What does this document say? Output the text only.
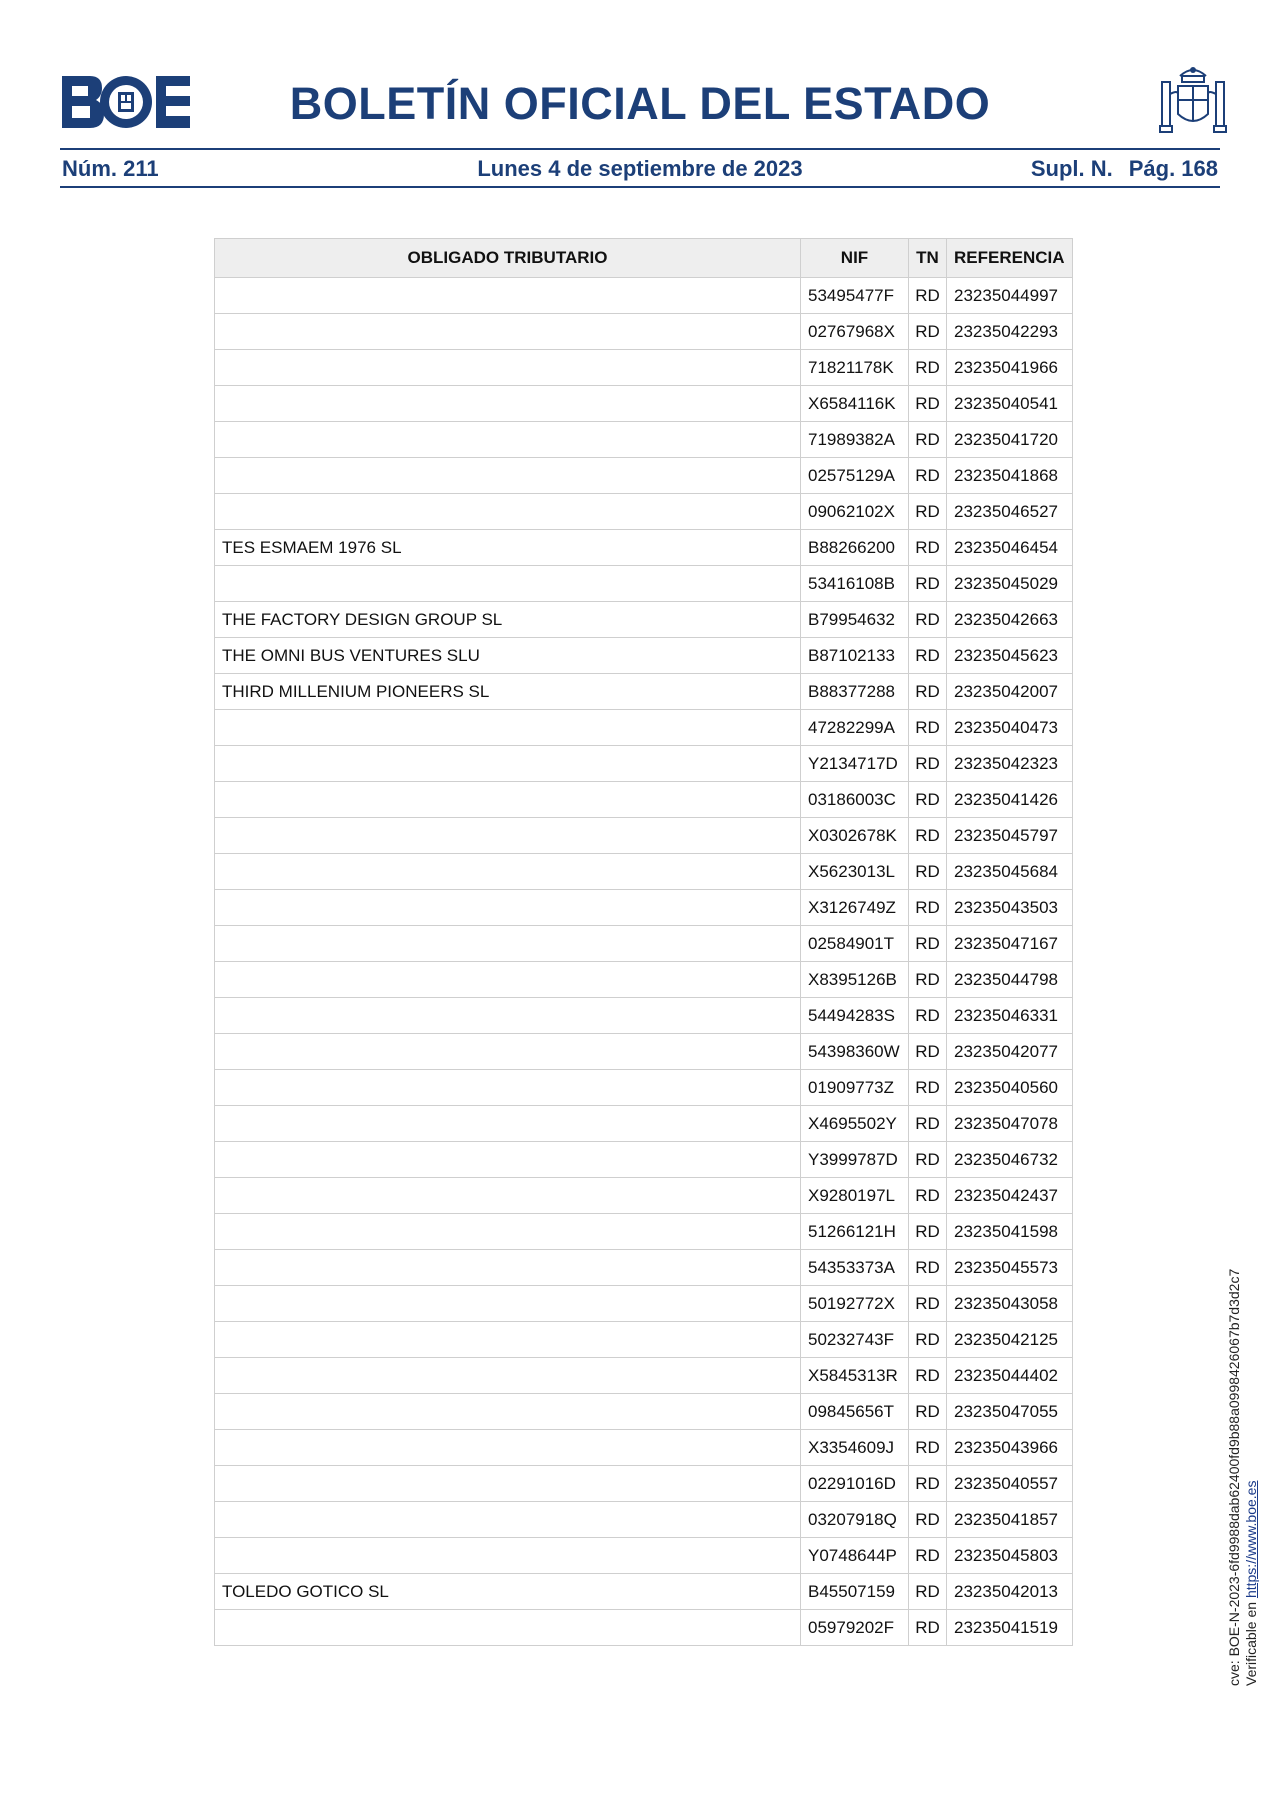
BOLETÍN OFICIAL DEL ESTADO
Núm. 211	Lunes 4 de septiembre de 2023	Supl. N. Pág. 168
OBLIGADO TRIBUTARIO	NIF	TN	REFERENCIA
	53495477F	RD	23235044997
	02767968X	RD	23235042293
	71821178K	RD	23235041966
	X6584116K	RD	23235040541
	71989382A	RD	23235041720
	02575129A	RD	23235041868
	09062102X	RD	23235046527
TES ESMAEM 1976 SL	B88266200	RD	23235046454
	53416108B	RD	23235045029
THE FACTORY DESIGN GROUP SL	B79954632	RD	23235042663
THE OMNI BUS VENTURES SLU	B87102133	RD	23235045623
THIRD MILLENIUM PIONEERS SL	B88377288	RD	23235042007
	47282299A	RD	23235040473
	Y2134717D	RD	23235042323
	03186003C	RD	23235041426
	X0302678K	RD	23235045797
	X5623013L	RD	23235045684
	X3126749Z	RD	23235043503
	02584901T	RD	23235047167
	X8395126B	RD	23235044798
	54494283S	RD	23235046331
	54398360W	RD	23235042077
	01909773Z	RD	23235040560
	X4695502Y	RD	23235047078
	Y3999787D	RD	23235046732
	X9280197L	RD	23235042437
	51266121H	RD	23235041598
	54353373A	RD	23235045573
	50192772X	RD	23235043058
	50232743F	RD	23235042125
	X5845313R	RD	23235044402
	09845656T	RD	23235047055
	X3354609J	RD	23235043966
	02291016D	RD	23235040557
	03207918Q	RD	23235041857
	Y0748644P	RD	23235045803
TOLEDO GOTICO SL	B45507159	RD	23235042013
	05979202F	RD	23235041519	cve: BOE-N-2023-6fd9988dab62400fd9b88a09984260​67b7d3d2c7 Verificable en https://www.boe.es
